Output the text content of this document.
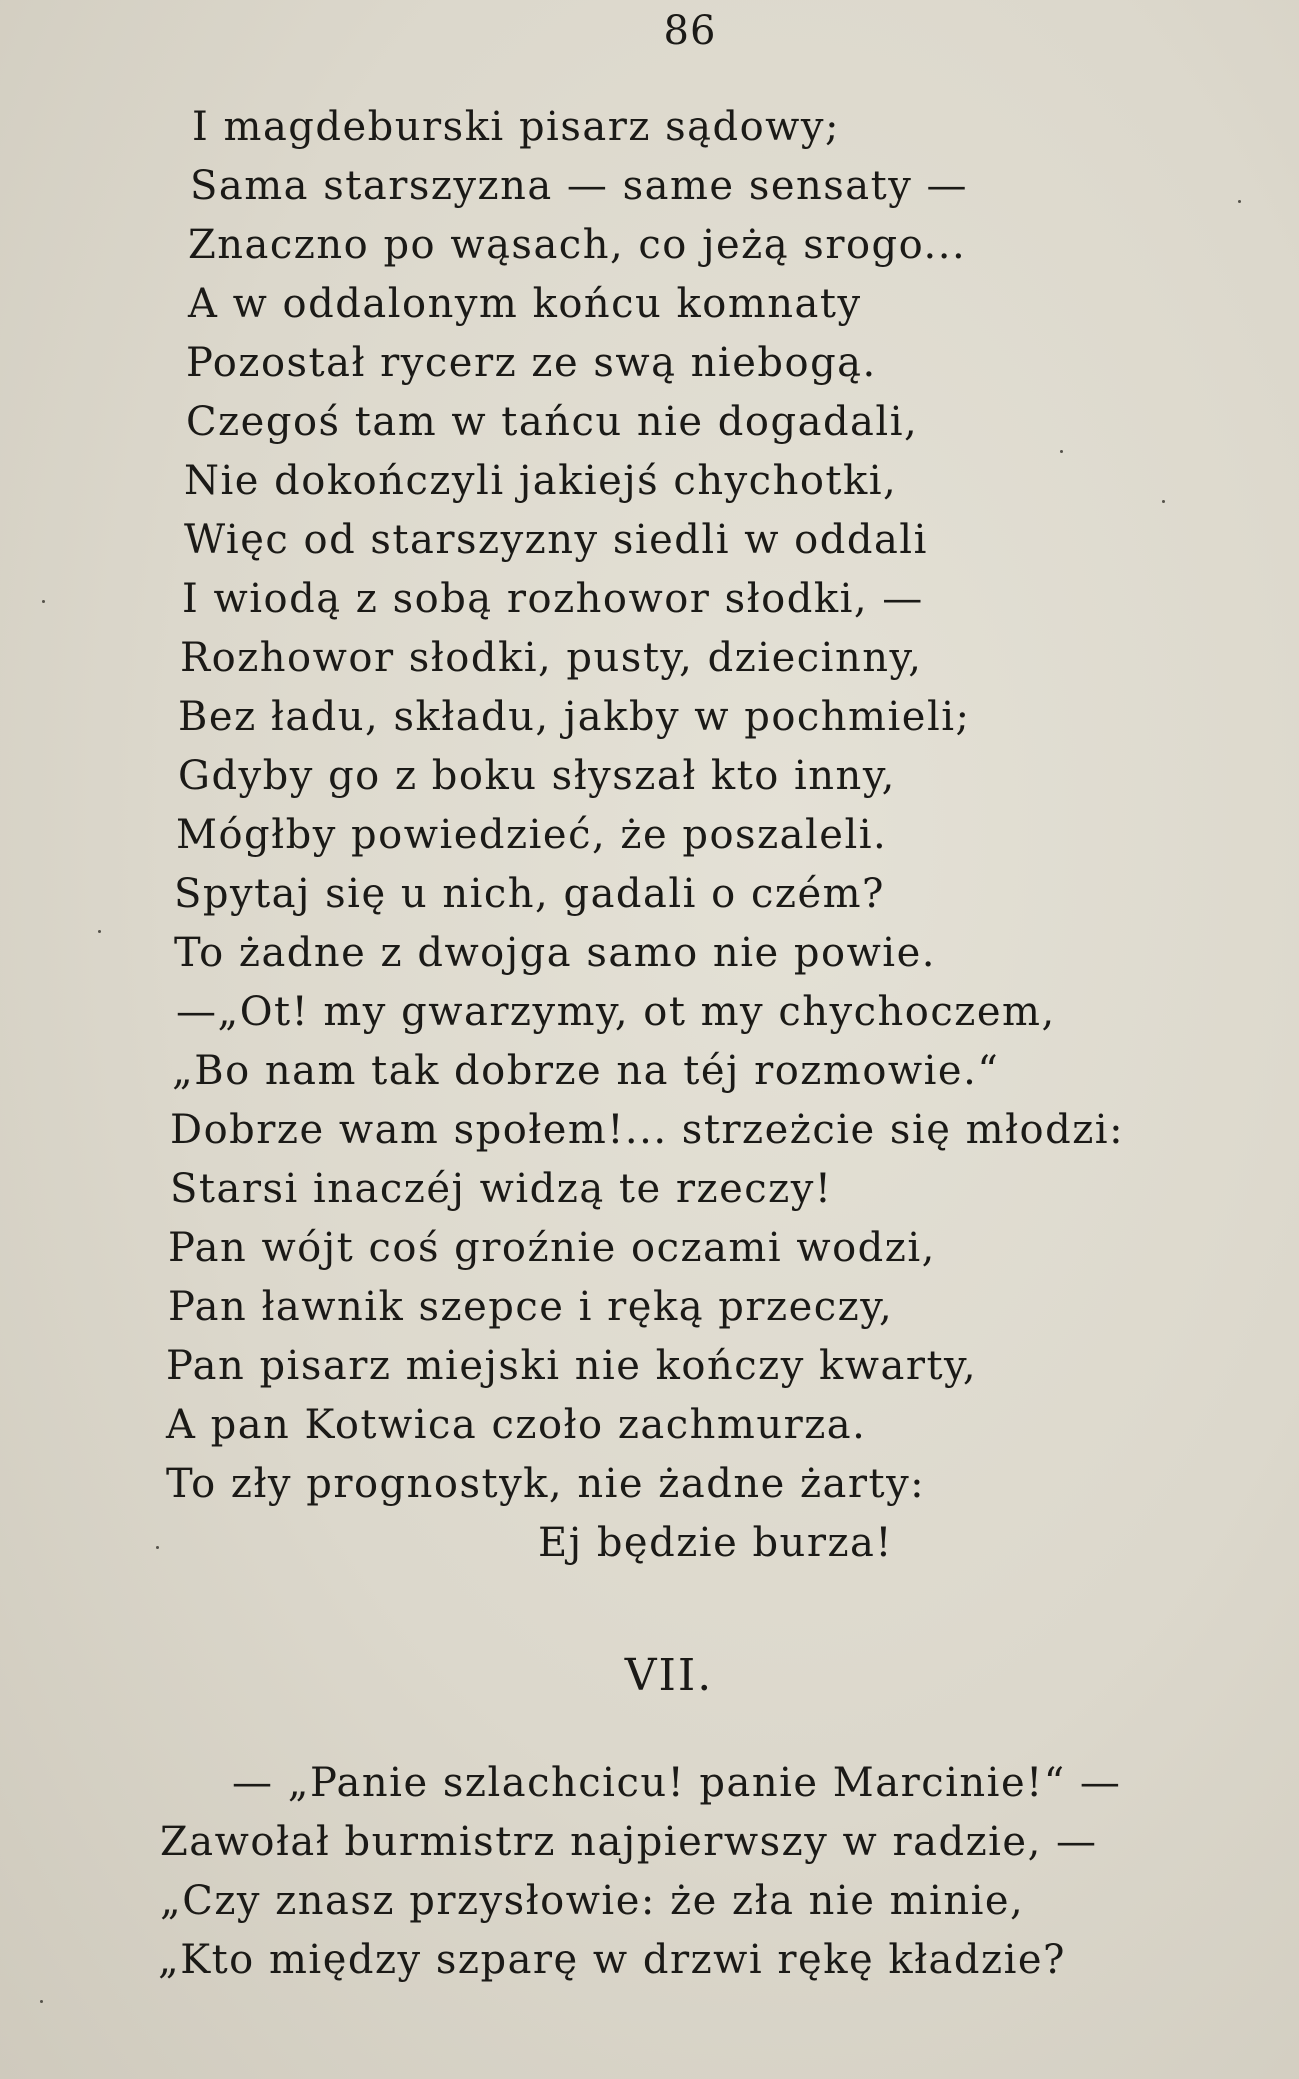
86
I magdeburski pisarz sądowy;
Sama starszyzna — same sensaty —
Znaczno po wąsach, co jeżą srogo...
A w oddalonym końcu komnaty
Pozostał rycerz ze swą niebogą.
Czegoś tam w tańcu nie dogadali,
Nie dokończyli jakiejś chychotki,
Więc od starszyzny siedli w oddali
I wiodą z sobą rozhowor słodki, —
Rozhowor słodki, pusty, dziecinny,
Bez ładu, składu, jakby w pochmieli;
Gdyby go z boku słyszał kto inny,
Mógłby powiedzieć, że poszaleli.
Spytaj się u nich, gadali o czém?
To żadne z dwojga samo nie powie.
—„Ot! my gwarzymy, ot my chychoczem,
„Bo nam tak dobrze na téj rozmowie.“
Dobrze wam społem!... strzeżcie się młodzi:
Starsi inaczéj widzą te rzeczy!
Pan wójt coś groźnie oczami wodzi,
Pan ławnik szepce i ręką przeczy,
Pan pisarz miejski nie kończy kwarty,
A pan Kotwica czoło zachmurza.
To zły prognostyk, nie żadne żarty:
Ej będzie burza!
VII.
— „Panie szlachcicu! panie Marcinie!“ —
Zawołał burmistrz najpierwszy w radzie, —
„Czy znasz przysłowie: że zła nie minie,
„Kto między szparę w drzwi rękę kładzie?
